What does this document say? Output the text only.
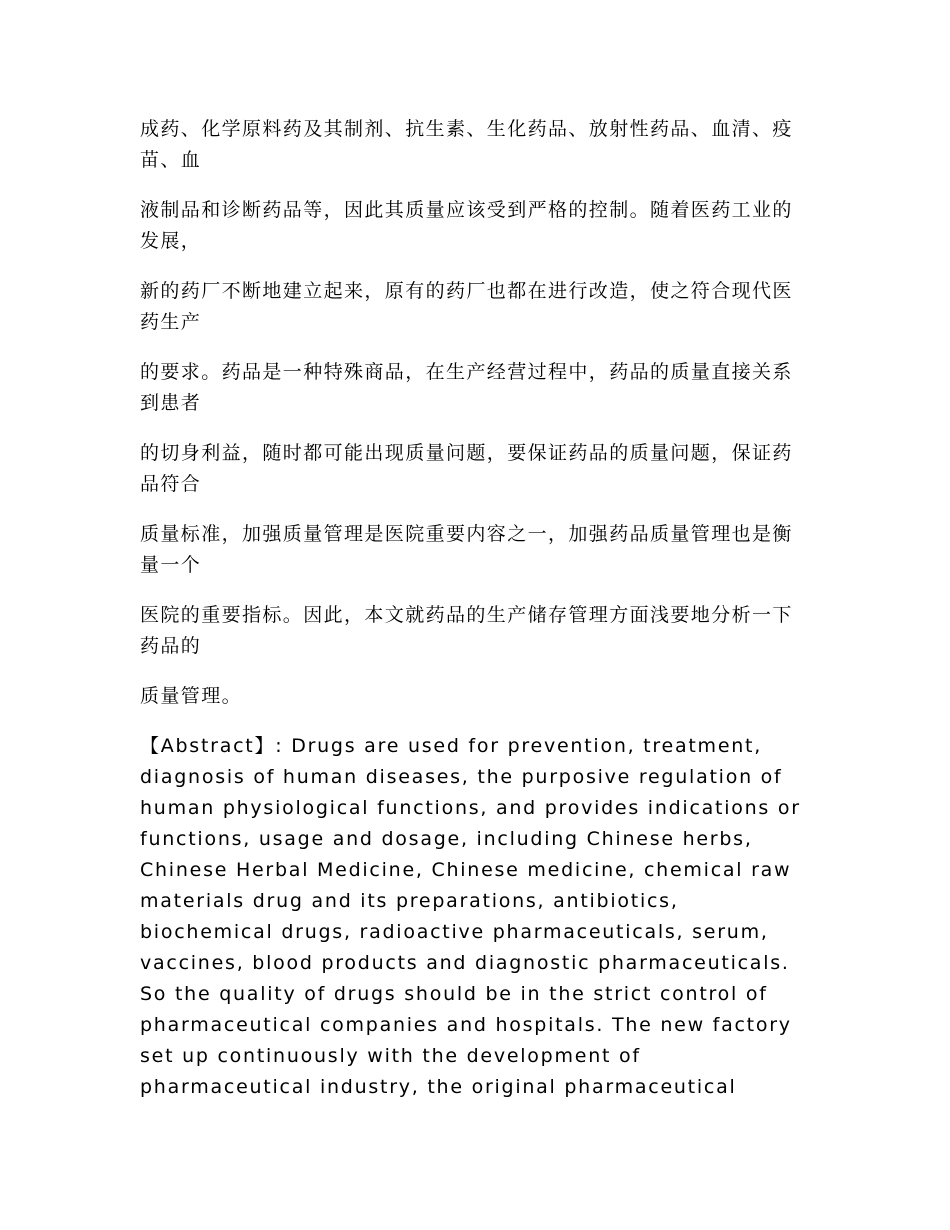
成药、化学原料药及其制剂、抗生素、生化药品、放射性药品、血清、疫苗、血

液制品和诊断药品等，因此其质量应该受到严格的控制。随着医药工业的发展，

新的药厂不断地建立起来，原有的药厂也都在进行改造，使之符合现代医药生产

的要求。药品是一种特殊商品，在生产经营过程中，药品的质量直接关系到患者

的切身利益，随时都可能出现质量问题，要保证药品的质量问题，保证药品符合

质量标准，加强质量管理是医院重要内容之一，加强药品质量管理也是衡量一个

医院的重要指标。因此，本文就药品的生产储存管理方面浅要地分析一下药品的

质量管理。

【Abstract】: Drugs are used for prevention, treatment, diagnosis of human diseases, the purposive regulation of human physiological functions, and provides indications or functions, usage and dosage, including Chinese herbs, Chinese Herbal Medicine, Chinese medicine, chemical raw materials drug and its preparations, antibiotics, biochemical drugs, radioactive pharmaceuticals, serum, vaccines, blood products and diagnostic pharmaceuticals. So the quality of drugs should be in the strict control of pharmaceutical companies and hospitals. The new factory set up continuously with the development of pharmaceutical industry, the original pharmaceutical
